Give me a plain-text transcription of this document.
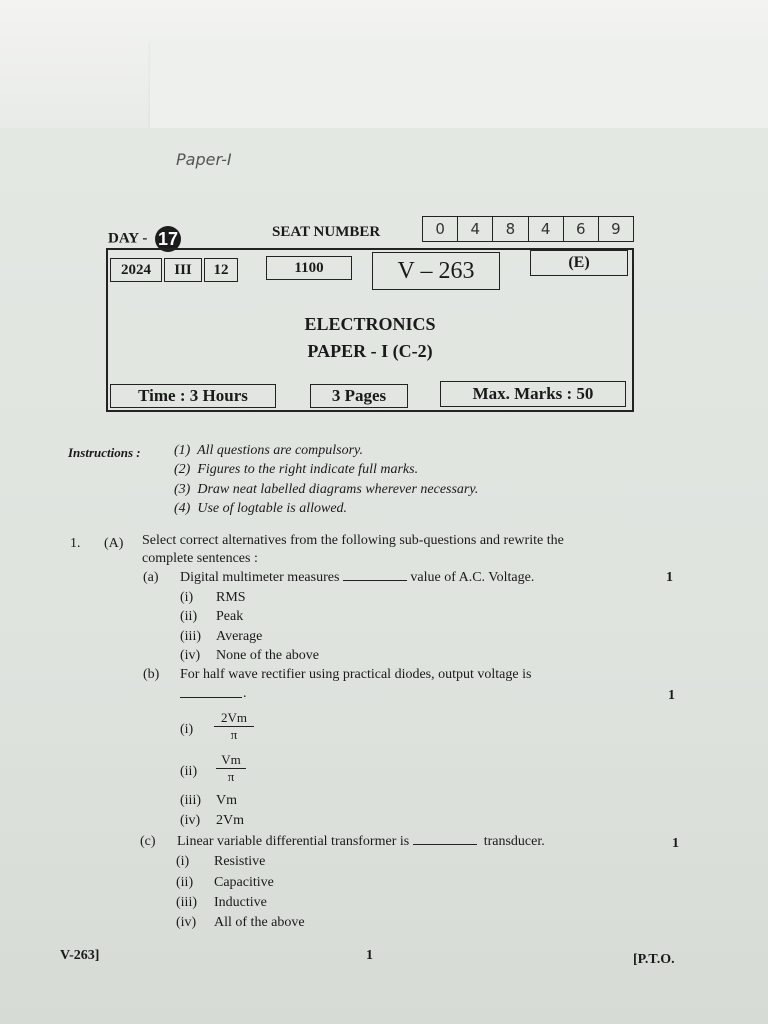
Paper-I
DAY - 17	SEAT NUMBER	0	4	8	4	6	9
2024	III	12	1100	V – 263	(E)
ELECTRONICS
PAPER - I (C-2)
Time : 3 Hours	3 Pages	Max. Marks : 50
Instructions : (1) All questions are compulsory.
(2) Figures to the right indicate full marks.
(3) Draw neat labelled diagrams wherever necessary.
(4) Use of logtable is allowed.
1. (A) Select correct alternatives from the following sub-questions and rewrite the
complete sentences :
(a) Digital multimeter measures	value of A.C. Voltage.	1
(i) RMS
(ii) Peak
(iii) Average
(iv) None of the above
(b) For half wave rectifier using practical diodes, output voltage is
.	1
$(i) \frac{2Vm}{\pi}$
$(ii) \frac{Vm}{\pi}$
(iii) Vm
(iv) 2Vm
(c) Linear variable differential transformer is	transducer.	1
(i) Resistive
(ii) Capacitive
(iii) Inductive
(iv) All of the above
V-263]	1	[P.T.O.
